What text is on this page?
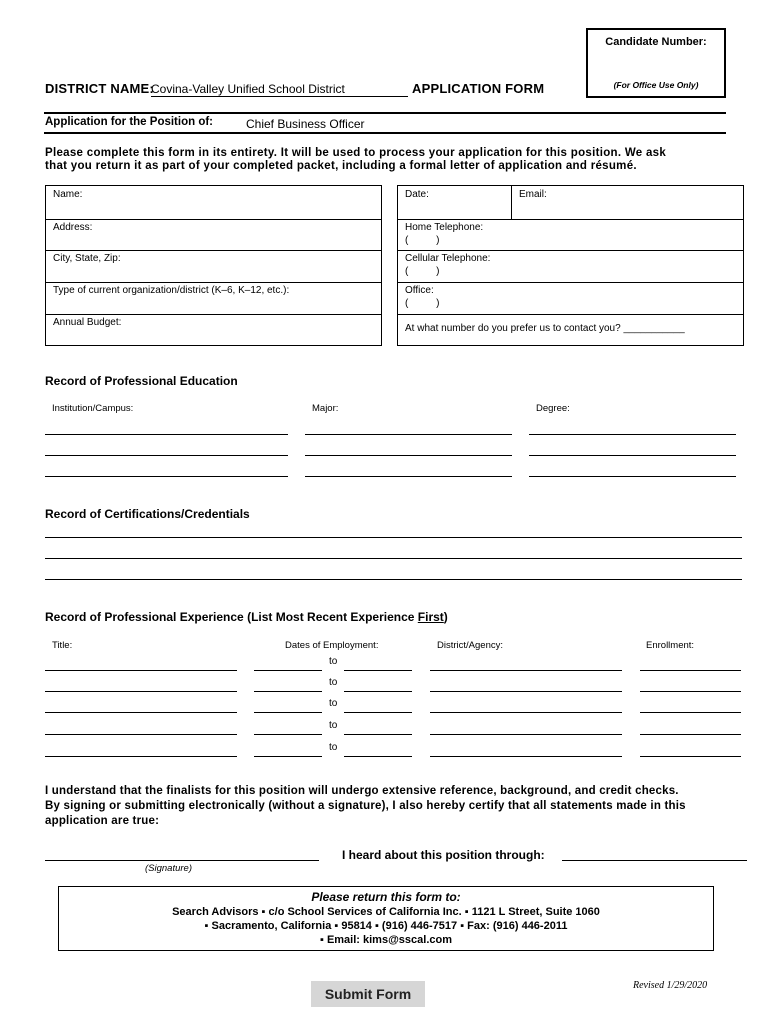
Candidate Number:
(For Office Use Only)
DISTRICT NAME:
Covina-Valley Unified School District	APPLICATION FORM
Application for the Position of:	Chief Business Officer
Please complete this form in its entirety. It will be used to process your application for this position. We ask
that you return it as part of your completed packet, including a formal letter of application and résumé.
Name:
Address:
City, State, Zip:
Type of current organization/district (K–6, K–12, etc.):
Annual Budget:
Date:	Email:
Home Telephone:
(          )
Cellular Telephone:
(          )
Office:
(          )
At what number do you prefer us to contact you? ___________
Record of Professional Education
Institution/Campus:	Major:	Degree:
Record of Certifications/Credentials
Record of Professional Experience (List Most Recent Experience First)
Title:	Dates of Employment:	District/Agency:	Enrollment:
to
to
to
to
to
I understand that the finalists for this position will undergo extensive reference, background, and credit checks.
By signing or submitting electronically (without a signature), I also hereby certify that all statements made in this
application are true:
(Signature)
I heard about this position through:
Please return this form to:
Search Advisors ▪ c/o School Services of California Inc. ▪ 1121 L Street, Suite 1060
▪ Sacramento, California ▪ 95814 ▪ (916) 446-7517 ▪ Fax: (916) 446-2011
▪ Email: kims@sscal.com
Submit Form
Revised 1/29/2020
